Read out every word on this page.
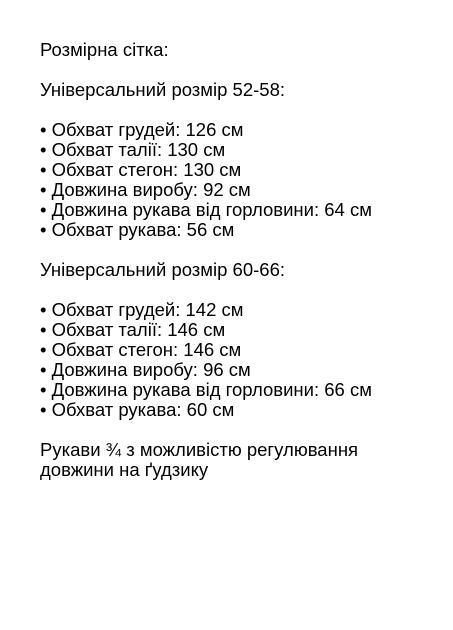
Розмірна сітка:
Універсальний розмір 52-58:
• Обхват грудей: 126 см
• Обхват талії: 130 см
• Обхват стегон: 130 см
• Довжина виробу: 92 см
• Довжина рукава від горловини: 64 см
• Обхват рукава: 56 см
Універсальний розмір 60-66:
• Обхват грудей: 142 см
• Обхват талії: 146 см
• Обхват стегон: 146 см
• Довжина виробу: 96 см
• Довжина рукава від горловини: 66 см
• Обхват рукава: 60 см
Рукави ¾ з можливістю регулювання
довжини на ґудзику
